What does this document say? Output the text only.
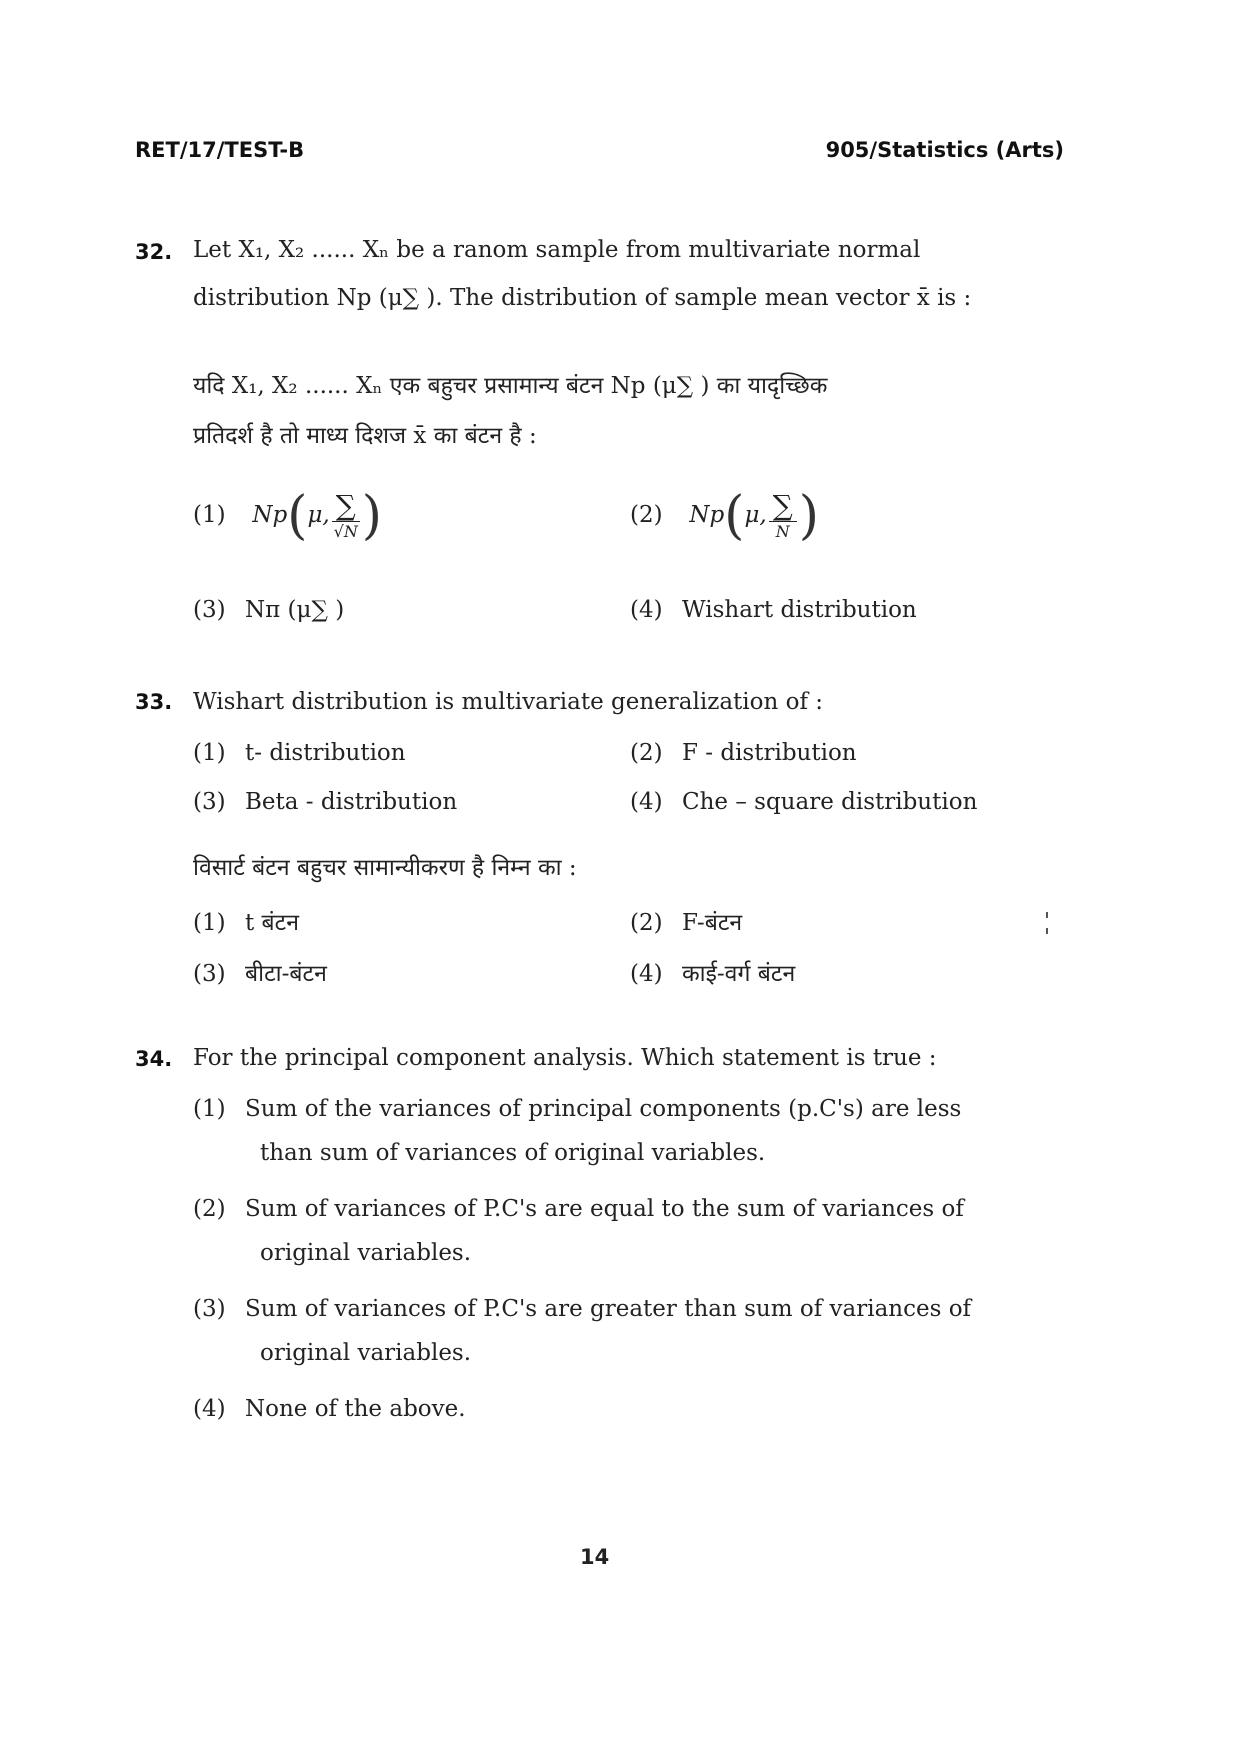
RET/17/TEST-B	905/Statistics (Arts)
32. Let X₁, X₂ ...... Xₙ be a ranom sample from multivariate normal
distribution Np (μ∑ ). The distribution of sample mean vector x̄ is :
यदि X₁, X₂ ...... Xₙ एक बहुचर प्रसामान्य बंटन Np (μ∑ ) का यादृच्छिक
प्रतिदर्श है तो माध्य दिशज x̄ का बंटन है :
(1) Np ( μ, $\frac{\sum}{√N}$ )	(2) Np ( μ, $\frac{\sum}{N}$ )
(3) Nπ (μ∑ )	(4) Wishart distribution
33. Wishart distribution is multivariate generalization of :
(1) t- distribution	(2) F - distribution
(3) Beta - distribution	(4) Che – square distribution
विसार्ट बंटन बहुचर सामान्यीकरण है निम्न का :
(1) t बंटन	(2) F-बंटन
(3) बीटा-बंटन	(4) काई-वर्ग बंटन
34. For the principal component analysis. Which statement is true :
(1) Sum of the variances of principal components (p.C's) are less
than sum of variances of original variables.
(2) Sum of variances of P.C's are equal to the sum of variances of
original variables.
(3) Sum of variances of P.C's are greater than sum of variances of
original variables.
(4) None of the above.
14
